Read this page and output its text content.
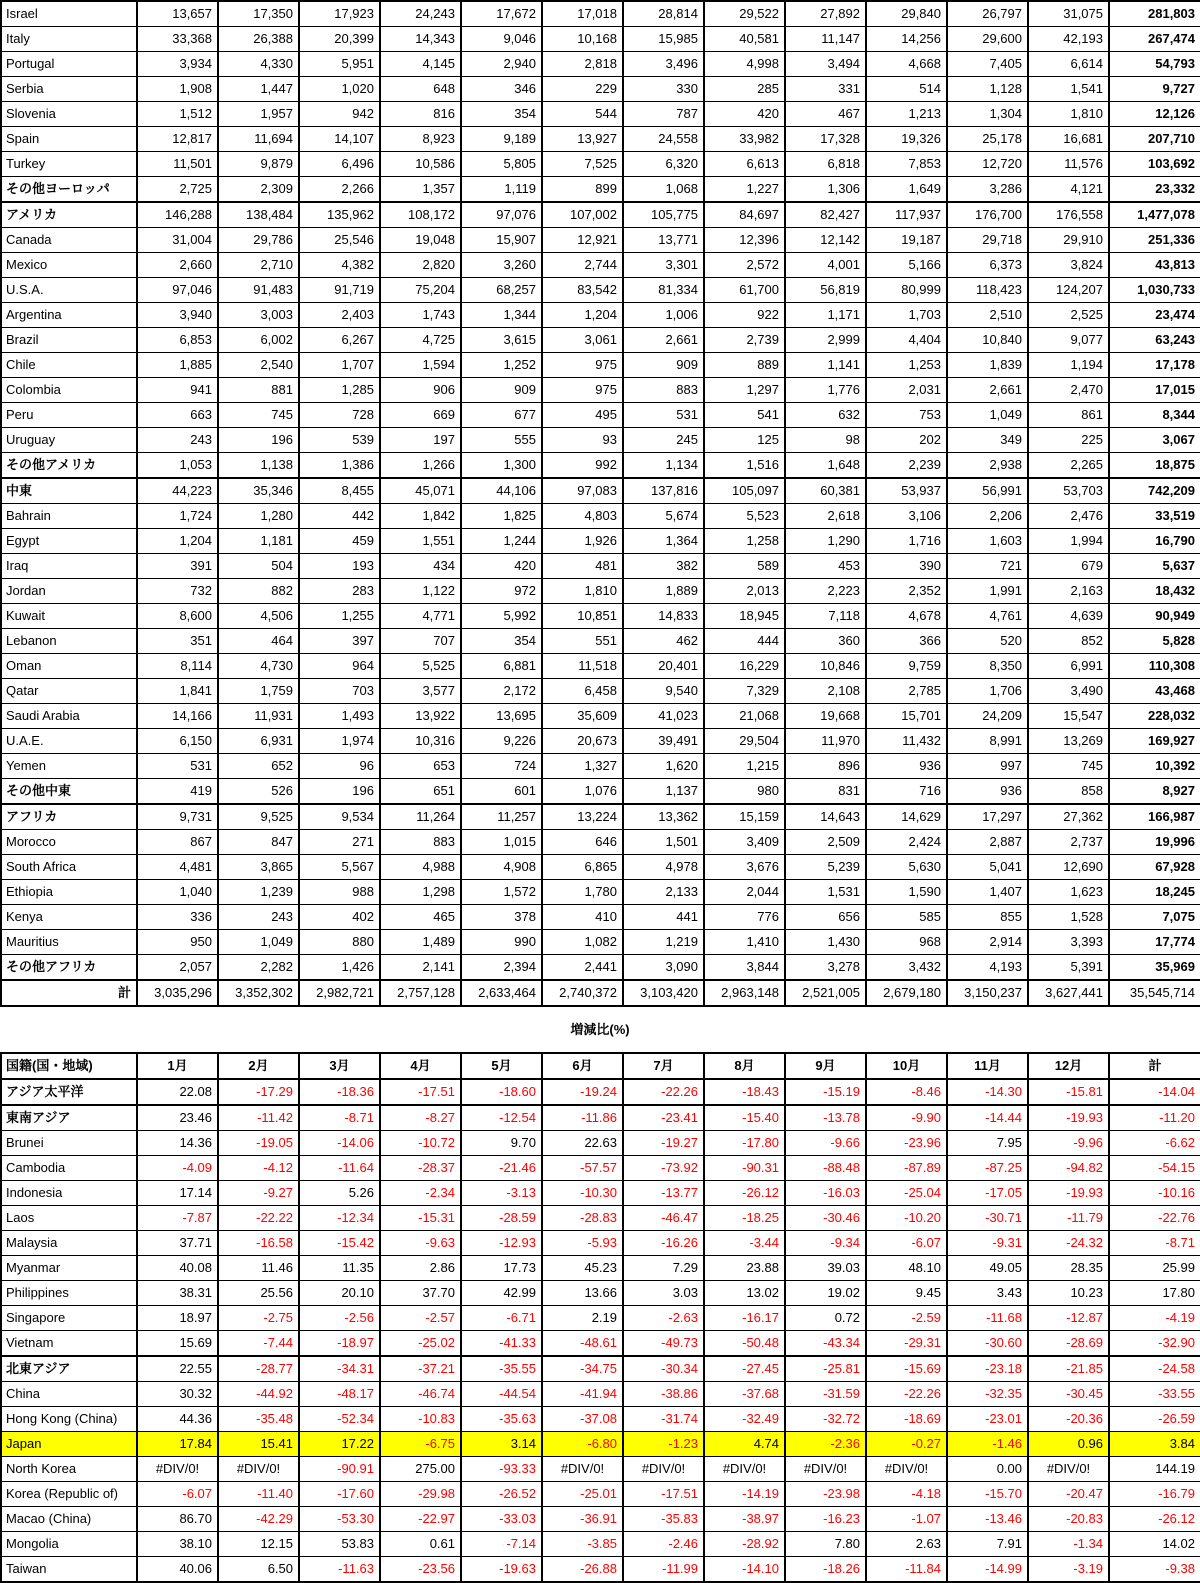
Israel	13,657	17,350	17,923	24,243	17,672	17,018	28,814	29,522	27,892	29,840	26,797	31,075	281,803
Italy	33,368	26,388	20,399	14,343	9,046	10,168	15,985	40,581	11,147	14,256	29,600	42,193	267,474
Portugal	3,934	4,330	5,951	4,145	2,940	2,818	3,496	4,998	3,494	4,668	7,405	6,614	54,793
Serbia	1,908	1,447	1,020	648	346	229	330	285	331	514	1,128	1,541	9,727
Slovenia	1,512	1,957	942	816	354	544	787	420	467	1,213	1,304	1,810	12,126
Spain	12,817	11,694	14,107	8,923	9,189	13,927	24,558	33,982	17,328	19,326	25,178	16,681	207,710
Turkey	11,501	9,879	6,496	10,586	5,805	7,525	6,320	6,613	6,818	7,853	12,720	11,576	103,692
その他ヨーロッパ	2,725	2,309	2,266	1,357	1,119	899	1,068	1,227	1,306	1,649	3,286	4,121	23,332
アメリカ	146,288	138,484	135,962	108,172	97,076	107,002	105,775	84,697	82,427	117,937	176,700	176,558	1,477,078
Canada	31,004	29,786	25,546	19,048	15,907	12,921	13,771	12,396	12,142	19,187	29,718	29,910	251,336
Mexico	2,660	2,710	4,382	2,820	3,260	2,744	3,301	2,572	4,001	5,166	6,373	3,824	43,813
U.S.A.	97,046	91,483	91,719	75,204	68,257	83,542	81,334	61,700	56,819	80,999	118,423	124,207	1,030,733
Argentina	3,940	3,003	2,403	1,743	1,344	1,204	1,006	922	1,171	1,703	2,510	2,525	23,474
Brazil	6,853	6,002	6,267	4,725	3,615	3,061	2,661	2,739	2,999	4,404	10,840	9,077	63,243
Chile	1,885	2,540	1,707	1,594	1,252	975	909	889	1,141	1,253	1,839	1,194	17,178
Colombia	941	881	1,285	906	909	975	883	1,297	1,776	2,031	2,661	2,470	17,015
Peru	663	745	728	669	677	495	531	541	632	753	1,049	861	8,344
Uruguay	243	196	539	197	555	93	245	125	98	202	349	225	3,067
その他アメリカ	1,053	1,138	1,386	1,266	1,300	992	1,134	1,516	1,648	2,239	2,938	2,265	18,875
中東	44,223	35,346	8,455	45,071	44,106	97,083	137,816	105,097	60,381	53,937	56,991	53,703	742,209
Bahrain	1,724	1,280	442	1,842	1,825	4,803	5,674	5,523	2,618	3,106	2,206	2,476	33,519
Egypt	1,204	1,181	459	1,551	1,244	1,926	1,364	1,258	1,290	1,716	1,603	1,994	16,790
Iraq	391	504	193	434	420	481	382	589	453	390	721	679	5,637
Jordan	732	882	283	1,122	972	1,810	1,889	2,013	2,223	2,352	1,991	2,163	18,432
Kuwait	8,600	4,506	1,255	4,771	5,992	10,851	14,833	18,945	7,118	4,678	4,761	4,639	90,949
Lebanon	351	464	397	707	354	551	462	444	360	366	520	852	5,828
Oman	8,114	4,730	964	5,525	6,881	11,518	20,401	16,229	10,846	9,759	8,350	6,991	110,308
Qatar	1,841	1,759	703	3,577	2,172	6,458	9,540	7,329	2,108	2,785	1,706	3,490	43,468
Saudi Arabia	14,166	11,931	1,493	13,922	13,695	35,609	41,023	21,068	19,668	15,701	24,209	15,547	228,032
U.A.E.	6,150	6,931	1,974	10,316	9,226	20,673	39,491	29,504	11,970	11,432	8,991	13,269	169,927
Yemen	531	652	96	653	724	1,327	1,620	1,215	896	936	997	745	10,392
その他中東	419	526	196	651	601	1,076	1,137	980	831	716	936	858	8,927
アフリカ	9,731	9,525	9,534	11,264	11,257	13,224	13,362	15,159	14,643	14,629	17,297	27,362	166,987
Morocco	867	847	271	883	1,015	646	1,501	3,409	2,509	2,424	2,887	2,737	19,996
South Africa	4,481	3,865	5,567	4,988	4,908	6,865	4,978	3,676	5,239	5,630	5,041	12,690	67,928
Ethiopia	1,040	1,239	988	1,298	1,572	1,780	2,133	2,044	1,531	1,590	1,407	1,623	18,245
Kenya	336	243	402	465	378	410	441	776	656	585	855	1,528	7,075
Mauritius	950	1,049	880	1,489	990	1,082	1,219	1,410	1,430	968	2,914	3,393	17,774
その他アフリカ	2,057	2,282	1,426	2,141	2,394	2,441	3,090	3,844	3,278	3,432	4,193	5,391	35,969
計	3,035,296	3,352,302	2,982,721	2,757,128	2,633,464	2,740,372	3,103,420	2,963,148	2,521,005	2,679,180	3,150,237	3,627,441	35,545,714
増減比(%)
国籍(国・地域)	1月	2月	3月	4月	5月	6月	7月	8月	9月	10月	11月	12月	計
アジア太平洋	22.08	-17.29	-18.36	-17.51	-18.60	-19.24	-22.26	-18.43	-15.19	-8.46	-14.30	-15.81	-14.04
東南アジア	23.46	-11.42	-8.71	-8.27	-12.54	-11.86	-23.41	-15.40	-13.78	-9.90	-14.44	-19.93	-11.20
Brunei	14.36	-19.05	-14.06	-10.72	9.70	22.63	-19.27	-17.80	-9.66	-23.96	7.95	-9.96	-6.62
Cambodia	-4.09	-4.12	-11.64	-28.37	-21.46	-57.57	-73.92	-90.31	-88.48	-87.89	-87.25	-94.82	-54.15
Indonesia	17.14	-9.27	5.26	-2.34	-3.13	-10.30	-13.77	-26.12	-16.03	-25.04	-17.05	-19.93	-10.16
Laos	-7.87	-22.22	-12.34	-15.31	-28.59	-28.83	-46.47	-18.25	-30.46	-10.20	-30.71	-11.79	-22.76
Malaysia	37.71	-16.58	-15.42	-9.63	-12.93	-5.93	-16.26	-3.44	-9.34	-6.07	-9.31	-24.32	-8.71
Myanmar	40.08	11.46	11.35	2.86	17.73	45.23	7.29	23.88	39.03	48.10	49.05	28.35	25.99
Philippines	38.31	25.56	20.10	37.70	42.99	13.66	3.03	13.02	19.02	9.45	3.43	10.23	17.80
Singapore	18.97	-2.75	-2.56	-2.57	-6.71	2.19	-2.63	-16.17	0.72	-2.59	-11.68	-12.87	-4.19
Vietnam	15.69	-7.44	-18.97	-25.02	-41.33	-48.61	-49.73	-50.48	-43.34	-29.31	-30.60	-28.69	-32.90
北東アジア	22.55	-28.77	-34.31	-37.21	-35.55	-34.75	-30.34	-27.45	-25.81	-15.69	-23.18	-21.85	-24.58
China	30.32	-44.92	-48.17	-46.74	-44.54	-41.94	-38.86	-37.68	-31.59	-22.26	-32.35	-30.45	-33.55
Hong Kong (China)	44.36	-35.48	-52.34	-10.83	-35.63	-37.08	-31.74	-32.49	-32.72	-18.69	-23.01	-20.36	-26.59
Japan	17.84	15.41	17.22	-6.75	3.14	-6.80	-1.23	4.74	-2.36	-0.27	-1.46	0.96	3.84
North Korea	#DIV/0!	#DIV/0!	-90.91	275.00	-93.33	#DIV/0!	#DIV/0!	#DIV/0!	#DIV/0!	#DIV/0!	0.00	#DIV/0!	144.19
Korea (Republic of)	-6.07	-11.40	-17.60	-29.98	-26.52	-25.01	-17.51	-14.19	-23.98	-4.18	-15.70	-20.47	-16.79
Macao (China)	86.70	-42.29	-53.30	-22.97	-33.03	-36.91	-35.83	-38.97	-16.23	-1.07	-13.46	-20.83	-26.12
Mongolia	38.10	12.15	53.83	0.61	-7.14	-3.85	-2.46	-28.92	7.80	2.63	7.91	-1.34	14.02
Taiwan	40.06	6.50	-11.63	-23.56	-19.63	-26.88	-11.99	-14.10	-18.26	-11.84	-14.99	-3.19	-9.38
